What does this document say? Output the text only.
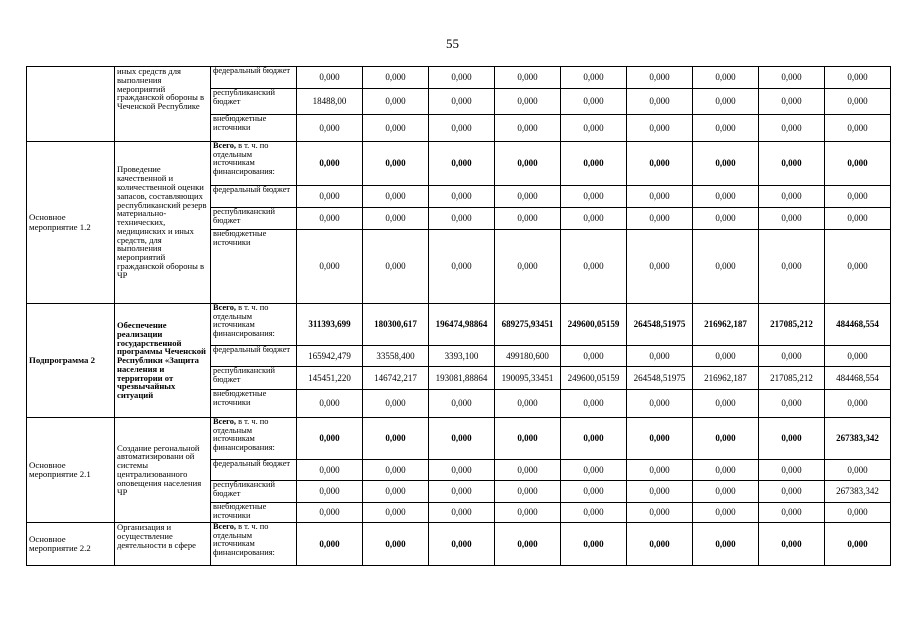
55
	иных средств для выполнения мероприятий гражданской обороны в Чеченской Республике	федеральный бюджет	0,000	0,000	0,000	0,000	0,000	0,000	0,000	0,000	0,000
		республиканский бюджет	18488,00	0,000	0,000	0,000	0,000	0,000	0,000	0,000	0,000
		внебюджетные источники	0,000	0,000	0,000	0,000	0,000	0,000	0,000	0,000	0,000
Основное мероприятие 1.2	Проведение качественной и количественной оценки запасов, составляющих республиканский резерв материально-технических, медицинских и иных средств, для выполнения мероприятий гражданской обороны в ЧР	Всего, в т. ч. по отдельным источникам финансирования:	0,000	0,000	0,000	0,000	0,000	0,000	0,000	0,000	0,000
		федеральный бюджет	0,000	0,000	0,000	0,000	0,000	0,000	0,000	0,000	0,000
		республиканский бюджет	0,000	0,000	0,000	0,000	0,000	0,000	0,000	0,000	0,000
		внебюджетные источники	0,000	0,000	0,000	0,000	0,000	0,000	0,000	0,000	0,000
Подпрограмма 2	Обеспечение реализации государственной программы Чеченской Республики «Защита населения и территории от чрезвычайных ситуаций	Всего, в т. ч. по отдельным источникам финансирования:	311393,699	180300,617	196474,98864	689275,93451	249600,05159	264548,51975	216962,187	217085,212	484468,554
		федеральный бюджет	165942,479	33558,400	3393,100	499180,600	0,000	0,000	0,000	0,000	0,000
		республиканский бюджет	145451,220	146742,217	193081,88864	190095,33451	249600,05159	264548,51975	216962,187	217085,212	484468,554
		внебюджетные источники	0,000	0,000	0,000	0,000	0,000	0,000	0,000	0,000	0,000
Основное мероприятие 2.1	Создание регональной автоматизировани ой системы централизованного оповещения населения ЧР	Всего, в т. ч. по отдельным источникам финансирования:	0,000	0,000	0,000	0,000	0,000	0,000	0,000	0,000	267383,342
		федеральный бюджет	0,000	0,000	0,000	0,000	0,000	0,000	0,000	0,000	0,000
		республиканский бюджет	0,000	0,000	0,000	0,000	0,000	0,000	0,000	0,000	267383,342
		внебюджетные источники	0,000	0,000	0,000	0,000	0,000	0,000	0,000	0,000	0,000
Основное мероприятие 2.2	Организация и осуществление деятельности в сфере	Всего, в т. ч. по отдельным источникам финансирования:	0,000	0,000	0,000	0,000	0,000	0,000	0,000	0,000	0,000
